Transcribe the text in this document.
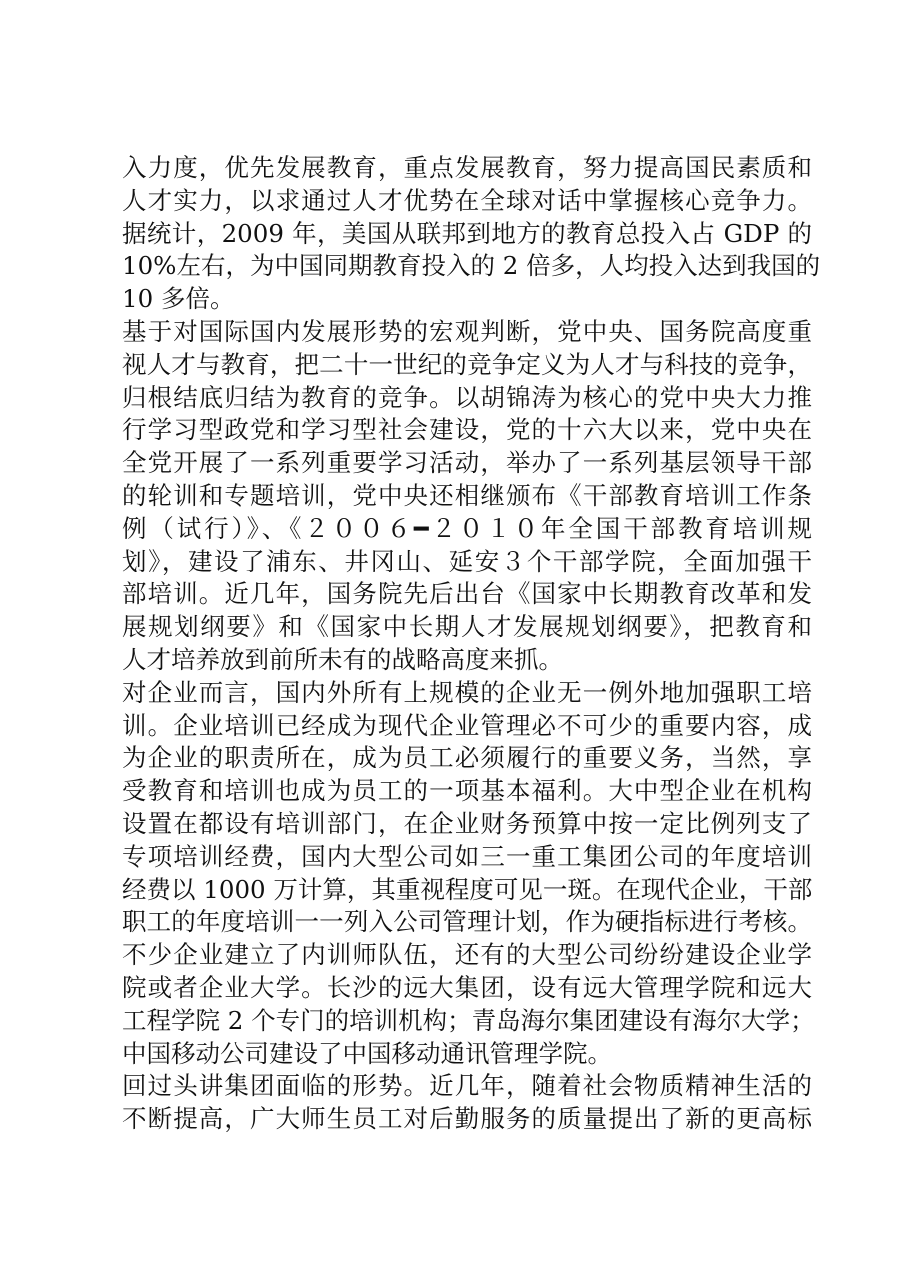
入力度，优先发展教育，重点发展教育，努力提高国民素质和
人才实力，以求通过人才优势在全球对话中掌握核心竞争力。
据统计，2009 年，美国从联邦到地方的教育总投入占 GDP 的
10%左右，为中国同期教育投入的 2 倍多，人均投入达到我国的
10 多倍。
基于对国际国内发展形势的宏观判断，党中央、国务院高度重
视人才与教育，把二十一世纪的竞争定义为人才与科技的竞争，
归根结底归结为教育的竞争。以胡锦涛为核心的党中央大力推
行学习型政党和学习型社会建设，党的十六大以来，党中央在
全党开展了一系列重要学习活动，举办了一系列基层领导干部
的轮训和专题培训，党中央还相继颁布《干部教育培训工作条
例（试行）》、《２００６━２０１０年全国干部教育培训规
划》，建设了浦东、井冈山、延安３个干部学院，全面加强干
部培训。近几年，国务院先后出台《国家中长期教育改革和发
展规划纲要》和《国家中长期人才发展规划纲要》，把教育和
人才培养放到前所未有的战略高度来抓。
对企业而言，国内外所有上规模的企业无一例外地加强职工培
训。企业培训已经成为现代企业管理必不可少的重要内容，成
为企业的职责所在，成为员工必须履行的重要义务，当然，享
受教育和培训也成为员工的一项基本福利。大中型企业在机构
设置在都设有培训部门，在企业财务预算中按一定比例列支了
专项培训经费，国内大型公司如三一重工集团公司的年度培训
经费以 1000 万计算，其重视程度可见一斑。在现代企业，干部
职工的年度培训一一列入公司管理计划，作为硬指标进行考核。
不少企业建立了内训师队伍，还有的大型公司纷纷建设企业学
院或者企业大学。长沙的远大集团，设有远大管理学院和远大
工程学院 2 个专门的培训机构；青岛海尔集团建设有海尔大学；
中国移动公司建设了中国移动通讯管理学院。
回过头讲集团面临的形势。近几年，随着社会物质精神生活的
不断提高，广大师生员工对后勤服务的质量提出了新的更高标
